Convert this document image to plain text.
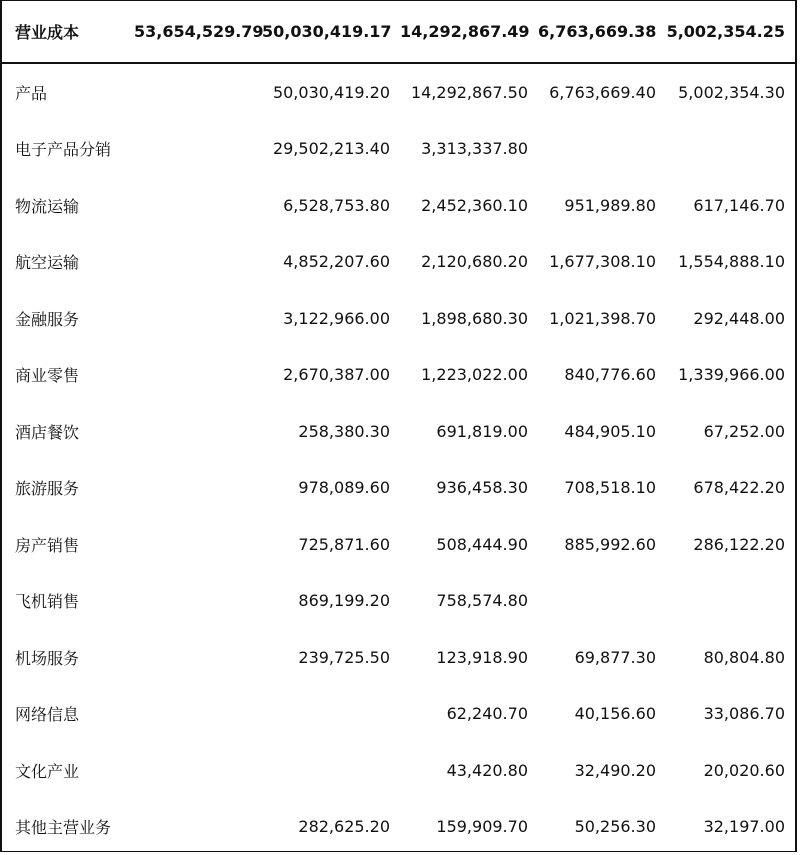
营业成本	53,654,529.79	50,030,419.17	14,292,867.49	6,763,669.38	5,002,354.25
产品		50,030,419.20	14,292,867.50	6,763,669.40	5,002,354.30
电子产品分销		29,502,213.40	3,313,337.80		
物流运输		6,528,753.80	2,452,360.10	951,989.80	617,146.70
航空运输		4,852,207.60	2,120,680.20	1,677,308.10	1,554,888.10
金融服务		3,122,966.00	1,898,680.30	1,021,398.70	292,448.00
商业零售		2,670,387.00	1,223,022.00	840,776.60	1,339,966.00
酒店餐饮		258,380.30	691,819.00	484,905.10	67,252.00
旅游服务		978,089.60	936,458.30	708,518.10	678,422.20
房产销售		725,871.60	508,444.90	885,992.60	286,122.20
飞机销售		869,199.20	758,574.80		
机场服务		239,725.50	123,918.90	69,877.30	80,804.80
网络信息			62,240.70	40,156.60	33,086.70
文化产业			43,420.80	32,490.20	20,020.60
其他主营业务		282,625.20	159,909.70	50,256.30	32,197.00
